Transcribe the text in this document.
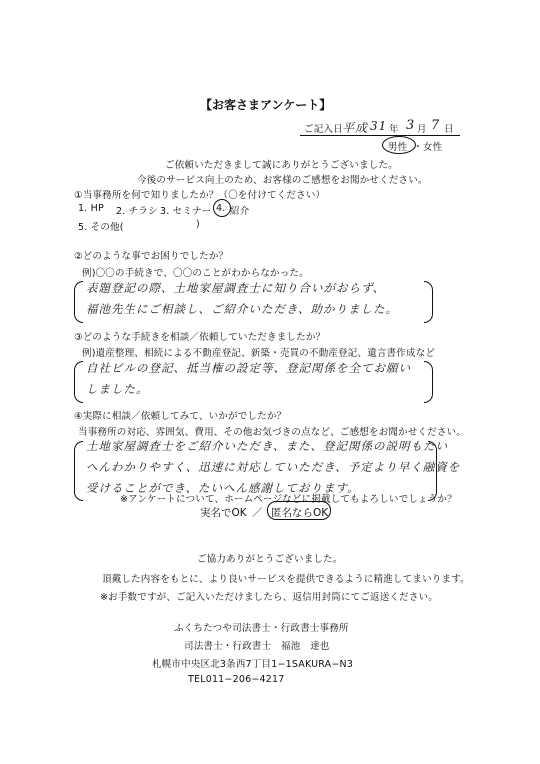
【お客さまアンケート】
ご記入日 平成 31 年 3 月 7 日
男性 ・ 女性
ご依頼いただきまして誠にありがとうございました。
今後のサービス向上のため、お客様のご感想をお聞かせください。
①当事務所を何で知りましたか？（〇を付けてください）
1. HP 2. チラシ 3. セミナー 4. 紹介
5. その他(	)
②どのような事でお困りでしたか？
例)〇〇の手続きで、〇〇のことがわからなかった。
表題登記の際、土地家屋調査士に知り合いがおらず、
福池先生にご相談し、ご紹介いただき、助かりました。
③どのような手続きを相談／依頼していただきましたか？
例)遺産整理、相続による不動産登記、新築・売買の不動産登記、遺言書作成など
自社ビルの登記、抵当権の設定等、登記関係を全てお願い
しました。
④実際に相談／依頼してみて、いかがでしたか？
当事務所の対応、雰囲気、費用、その他お気づきの点など、ご感想をお聞かせください。
土地家屋調査士をご紹介いただき、また、登記関係の説明もたい
へんわかりやすく、迅速に対応していただき、予定より早く融資を
受けることができ、たいへん感謝しております。
※アンケートについて、ホームページなどに掲載してもよろしいでしょうか？
実名でOK ／ 匿名ならOK
ご協力ありがとうございました。
頂戴した内容をもとに、より良いサービスを提供できるように精進してまいります。
※お手数ですが、ご記入いただけましたら、返信用封筒にてご返送ください。
ふくちたつや司法書士・行政書士事務所
司法書士・行政書士　福池　達也
札幌市中央区北3条西7丁目1−1SAKURA−N3
TEL011−206−4217
